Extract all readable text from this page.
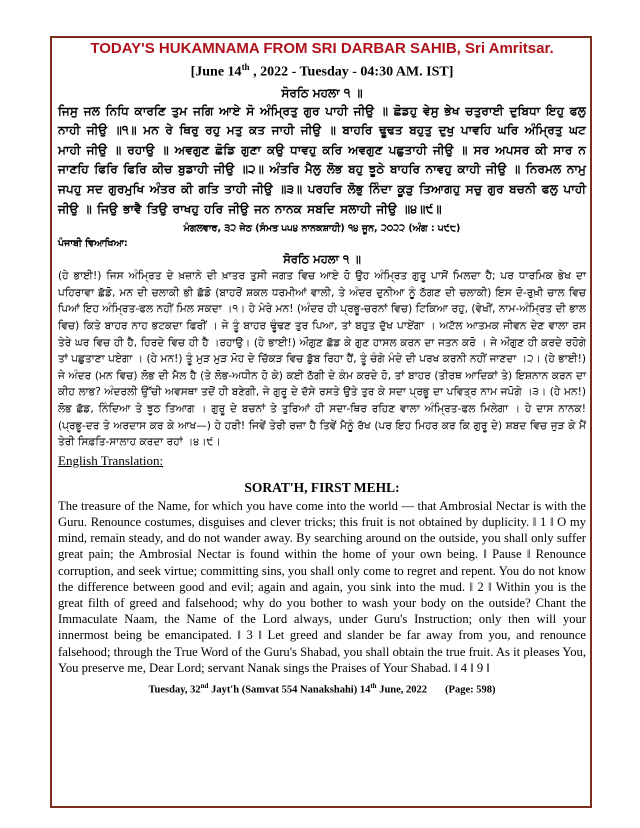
TODAY'S HUKAMNAMA FROM SRI DARBAR SAHIB, Sri Amritsar.

[June 14th , 2022 - Tuesday - 04:30 AM. IST]

ਸੋਰਠਿ ਮਹਲਾ ੧ ॥

ਜਿਸੁ ਜਲ ਨਿਧਿ ਕਾਰਣਿ ਤੁਮ ਜਗਿ ਆਏ ਸੋ ਅੰਮ੍ਰਿਤੁ ਗੁਰ ਪਾਹੀ ਜੀਉ ॥ ਛੋਡਹੁ ਵੇਸੁ ਭੇਖ ਚਤੁਰਾਈ ਦੁਬਿਧਾ ਇਹੁ ਫਲੁ ਨਾਹੀ ਜੀਉ ॥੧॥ ਮਨ ਰੇ ਥਿਰੁ ਰਹੁ ਮਤੁ ਕਤ ਜਾਹੀ ਜੀਉ ॥ ਬਾਹਰਿ ਢੂਢਤ ਬਹੁਤੁ ਦੁਖੁ ਪਾਵਹਿ ਘਰਿ ਅੰਮ੍ਰਿਤੁ ਘਟ ਮਾਹੀ ਜੀਉ ॥ ਰਹਾਉ ॥ ਅਵਗੁਣ ਛੋਡਿ ਗੁਣਾ ਕਉ ਧਾਵਹੁ ਕਰਿ ਅਵਗੁਣ ਪਛੁਤਾਹੀ ਜੀਉ ॥ ਸਰ ਅਪਸਰ ਕੀ ਸਾਰ ਨ ਜਾਣਹਿ ਫਿਰਿ ਫਿਰਿ ਕੀਚ ਬੁਡਾਹੀ ਜੀਉ ॥੨॥ ਅੰਤਰਿ ਮੈਲੁ ਲੋਭ ਬਹੁ ਝੂਠੇ ਬਾਹਰਿ ਨਾਵਹੁ ਕਾਹੀ ਜੀਉ ॥ ਨਿਰਮਲ ਨਾਮੁ ਜਪਹੁ ਸਦ ਗੁਰਮੁਖਿ ਅੰਤਰ ਕੀ ਗਤਿ ਤਾਹੀ ਜੀਉ ॥੩॥ ਪਰਹਰਿ ਲੋਭੁ ਨਿੰਦਾ ਕੂੜੁ ਤਿਆਗਹੁ ਸਚੁ ਗੁਰ ਬਚਨੀ ਫਲੁ ਪਾਹੀ ਜੀਉ ॥ ਜਿਉ ਭਾਵੈ ਤਿਉ ਰਾਖਹੁ ਹਰਿ ਜੀਉ ਜਨ ਨਾਨਕ ਸਬਦਿ ਸਲਾਹੀ ਜੀਉ ॥੪॥੯॥

ਮੰਗਲਵਾਰ, ੩੨ ਜੇਠ (ਸੰਮਤ ੫੫੪ ਨਾਨਕਸ਼ਾਹੀ) ੧੪ ਜੂਨ, ੨੦੨੨ (ਅੰਗ : ੫੯੮)

ਪੰਜਾਬੀ ਵਿਆਖਿਆ:

ਸੋਰਠਿ ਮਹਲਾ ੧ ॥

(ਹੇ ਭਾਈ!) ਜਿਸ ਅੰਮ੍ਰਿਤ ਦੇ ਖ਼ਜ਼ਾਨੇ ਦੀ ਖ਼ਾਤਰ ਤੁਸੀ ਜਗਤ ਵਿਚ ਆਏ ਹੋ ਉਹ ਅੰਮ੍ਰਿਤ ਗੁਰੂ ਪਾਸੋਂ ਮਿਲਦਾ ਹੈ; ਪਰ ਧਾਰਮਿਕ ਭੇਖ ਦਾ ਪਹਿਰਾਵਾ ਛੱਡੋ, ਮਨ ਦੀ ਚਲਾਕੀ ਭੀ ਛੱਡੋ (ਬਾਹਰੋਂ ਸ਼ਕਲ ਧਰਮੀਆਂ ਵਾਲੀ, ਤੇ ਅੰਦਰ ਦੁਨੀਆ ਨੂੰ ਠੱਗਣ ਦੀ ਚਲਾਕੀ) ਇਸ ਦੋ-ਰੁਖ਼ੀ ਚਾਲ ਵਿਚ ਪਿਆਂ ਇਹ ਅੰਮ੍ਰਿਤ-ਫਲ ਨਹੀਂ ਮਿਲ ਸਕਦਾ ।੧। ਹੇ ਮੇਰੇ ਮਨ! (ਅੰਦਰ ਹੀ ਪ੍ਰਭੂ-ਚਰਨਾਂ ਵਿਚ) ਟਿਕਿਆ ਰਹੁ, (ਵੇਖੀਂ, ਨਾਮ-ਅੰਮ੍ਰਿਤ ਦੀ ਭਾਲ ਵਿਚ) ਕਿਤੇ ਬਾਹਰ ਨਾਹ ਭਟਕਦਾ ਫਿਰੀਂ । ਜੇ ਤੂੰ ਬਾਹਰ ਢੂੰਢਣ ਤੁਰ ਪਿਆ, ਤਾਂ ਬਹੁਤ ਦੁੱਖ ਪਾਏਂਗਾ । ਅਟੱਲ ਆਤਮਕ ਜੀਵਨ ਦੇਣ ਵਾਲਾ ਰਸ ਤੇਰੇ ਘਰ ਵਿਚ ਹੀ ਹੈ, ਹਿਰਦੇ ਵਿਚ ਹੀ ਹੈ ।ਰਹਾਉ। (ਹੇ ਭਾਈ!) ਔਗੁਣ ਛੱਡ ਕੇ ਗੁਣ ਹਾਸਲ ਕਰਨ ਦਾ ਜਤਨ ਕਰੋ । ਜੇ ਔਗੁਣ ਹੀ ਕਰਦੇ ਰਹੋਗੇ ਤਾਂ ਪਛੁਤਾਣਾ ਪਏਗਾ । (ਹੇ ਮਨ!) ਤੂੰ ਮੁੜ ਮੁੜ ਮੋਹ ਦੇ ਚਿੱਕੜ ਵਿਚ ਡੁੱਬ ਰਿਹਾ ਹੈਂ, ਤੂੰ ਚੰਗੇ ਮੰਦੇ ਦੀ ਪਰਖ ਕਰਨੀ ਨਹੀਂ ਜਾਣਦਾ ।੨। (ਹੇ ਭਾਈ!) ਜੇ ਅੰਦਰ (ਮਨ ਵਿਚ) ਲੋਭ ਦੀ ਮੈਲ ਹੈ (ਤੇ ਲੋਭ-ਅਧੀਨ ਹੋ ਕੇ) ਕਈ ਠੱਗੀ ਦੇ ਕੰਮ ਕਰਦੇ ਹੋ, ਤਾਂ ਬਾਹਰ (ਤੀਰਥ ਆਦਿਕਾਂ ਤੇ) ਇਸ਼ਨਾਨ ਕਰਨ ਦਾ ਕੀਹ ਲਾਭ? ਅੰਦਰਲੀ ਉੱਚੀ ਅਵਸਥਾ ਤਦੋਂ ਹੀ ਬਣੇਗੀ, ਜੇ ਗੁਰੂ ਦੇ ਦੱਸੇ ਰਸਤੇ ਉਤੇ ਤੁਰ ਕੇ ਸਦਾ ਪ੍ਰਭੂ ਦਾ ਪਵਿਤ੍ਰ ਨਾਮ ਜਪੋਗੇ ।੩। (ਹੇ ਮਨ!) ਲੋਭ ਛੱਡ, ਨਿੰਦਿਆ ਤੇ ਝੂਠ ਤਿਆਗ । ਗੁਰੂ ਦੇ ਬਚਨਾਂ ਤੇ ਤੁਰਿਆਂ ਹੀ ਸਦਾ-ਥਿਰ ਰਹਿਣ ਵਾਲਾ ਅੰਮ੍ਰਿਤ-ਫਲ ਮਿਲੇਗਾ । ਹੇ ਦਾਸ ਨਾਨਕ! (ਪ੍ਰਭੂ-ਦਰ ਤੇ ਅਰਦਾਸ ਕਰ ਕੇ ਆਖ—) ਹੇ ਹਰੀ! ਜਿਵੇਂ ਤੇਰੀ ਰਜ਼ਾ ਹੈ ਤਿਵੇਂ ਮੈਨੂੰ ਰੱਖ (ਪਰ ਇਹ ਮਿਹਰ ਕਰ ਕਿ ਗੁਰੂ ਦੇ) ਸ਼ਬਦ ਵਿਚ ਜੁੜ ਕੇ ਮੈਂ ਤੇਰੀ ਸਿਫ਼ਤਿ-ਸਾਲਾਹ ਕਰਦਾ ਰਹਾਂ ।੪।੯।

English Translation:

SORAT'H, FIRST MEHL:

The treasure of the Name, for which you have come into the world — that Ambrosial Nectar is with the Guru. Renounce costumes, disguises and clever tricks; this fruit is not obtained by duplicity. ‖ 1 ‖ O my mind, remain steady, and do not wander away. By searching around on the outside, you shall only suffer great pain; the Ambrosial Nectar is found within the home of your own being. ‖ Pause ‖ Renounce corruption, and seek virtue; committing sins, you shall only come to regret and repent. You do not know the difference between good and evil; again and again, you sink into the mud. ‖ 2 ‖ Within you is the great filth of greed and falsehood; why do you bother to wash your body on the outside? Chant the Immaculate Naam, the Name of the Lord always, under Guru's Instruction; only then will your innermost being be emancipated. ‖ 3 ‖ Let greed and slander be far away from you, and renounce falsehood; through the True Word of the Guru's Shabad, you shall obtain the true fruit. As it pleases You, You preserve me, Dear Lord; servant Nanak sings the Praises of Your Shabad. ‖ 4 ‖ 9 ‖

Tuesday, 32nd Jayt'h (Samvat 554 Nanakshahi) 14th June, 2022 (Page: 598)
